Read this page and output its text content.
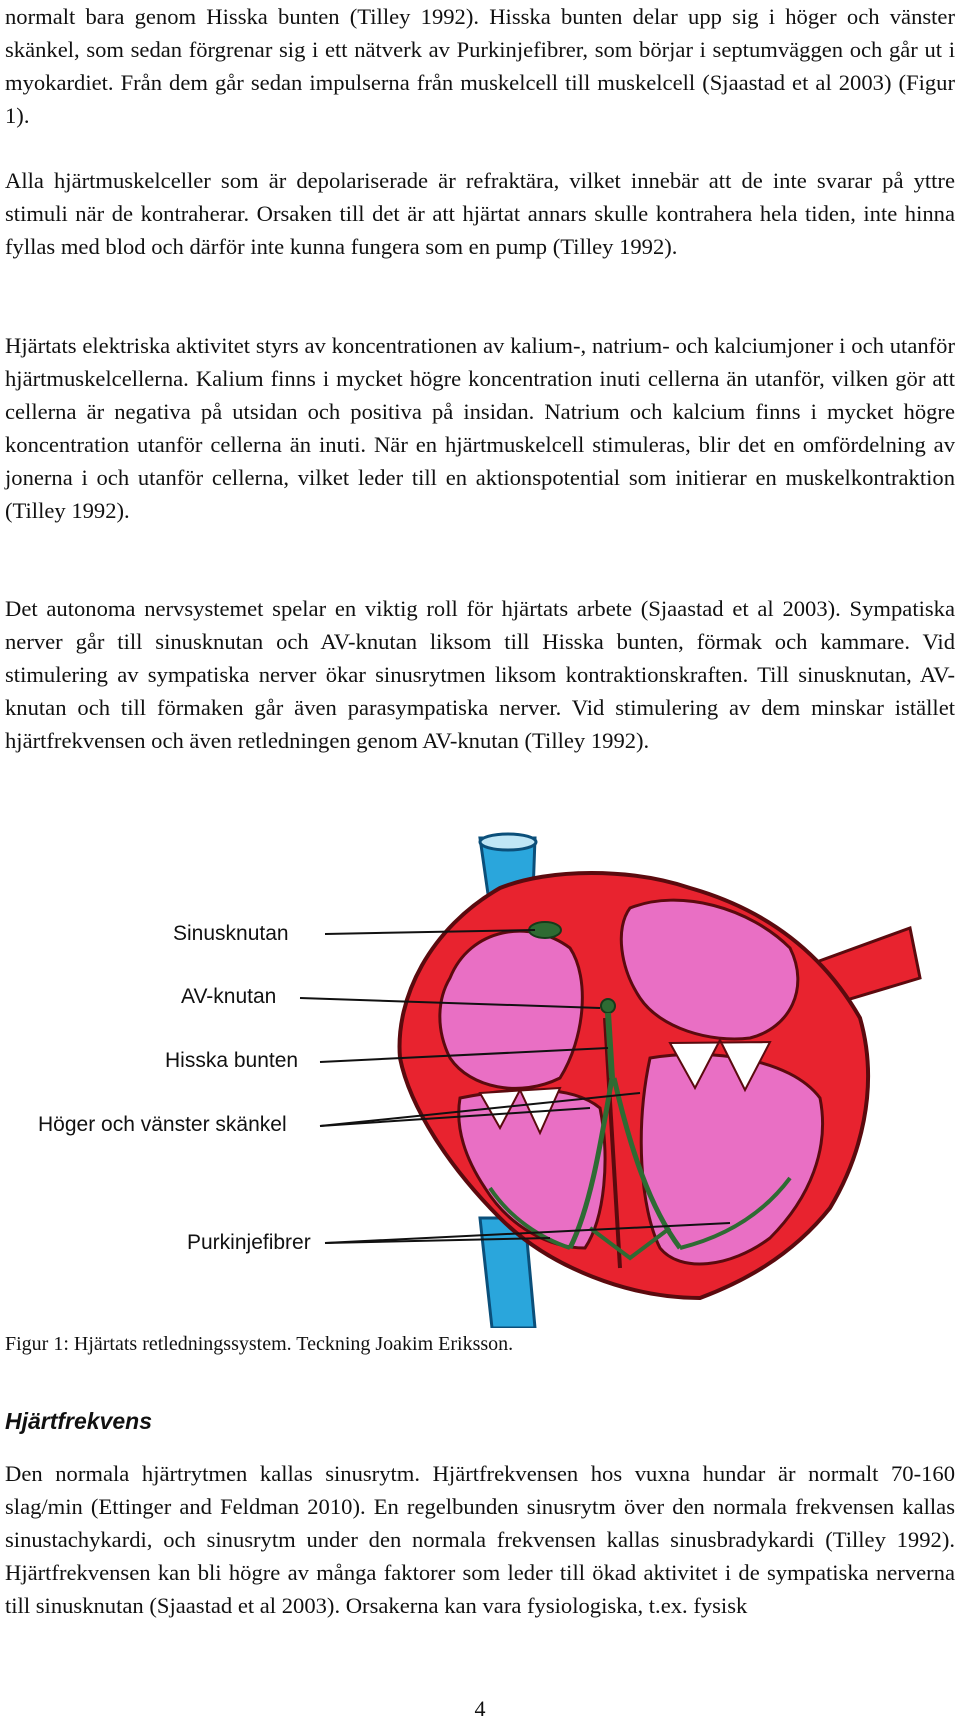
normalt bara genom Hisska bunten (Tilley 1992). Hisska bunten delar upp sig i höger och vänster skänkel, som sedan förgrenar sig i ett nätverk av Purkinjefibrer, som börjar i septumväggen och går ut i myokardiet. Från dem går sedan impulserna från muskelcell till muskelcell (Sjaastad et al 2003) (Figur 1).

Alla hjärtmuskelceller som är depolariserade är refraktära, vilket innebär att de inte svarar på yttre stimuli när de kontraherar. Orsaken till det är att hjärtat annars skulle kontrahera hela tiden, inte hinna fyllas med blod och därför inte kunna fungera som en pump (Tilley 1992).

Hjärtats elektriska aktivitet styrs av koncentrationen av kalium-, natrium- och kalciumjoner i och utanför hjärtmuskelcellerna. Kalium finns i mycket högre koncentration inuti cellerna än utanför, vilken gör att cellerna är negativa på utsidan och positiva på insidan. Natrium och kalcium finns i mycket högre koncentration utanför cellerna än inuti. När en hjärtmuskelcell stimuleras, blir det en omfördelning av jonerna i och utanför cellerna, vilket leder till en aktionspotential som initierar en muskelkontraktion (Tilley 1992).

Det autonoma nervsystemet spelar en viktig roll för hjärtats arbete (Sjaastad et al 2003). Sympatiska nerver går till sinusknutan och AV-knutan liksom till Hisska bunten, förmak och kammare. Vid stimulering av sympatiska nerver ökar sinusrytmen liksom kontraktionskraften. Till sinusknutan, AV-knutan och till förmaken går även parasympatiska nerver. Vid stimulering av dem minskar istället hjärtfrekvensen och även retledningen genom AV-knutan (Tilley 1992).

Sinusknutan
AV-knutan
Hisska bunten
Höger och vänster skänkel
Purkinjefibrer

Figur 1: Hjärtats retledningssystem. Teckning Joakim Eriksson.

Hjärtfrekvens

Den normala hjärtrytmen kallas sinusrytm. Hjärtfrekvensen hos vuxna hundar är normalt 70-160 slag/min (Ettinger and Feldman 2010). En regelbunden sinusrytm över den normala frekvensen kallas sinustachykardi, och sinusrytm under den normala frekvensen kallas sinusbradykardi (Tilley 1992). Hjärtfrekvensen kan bli högre av många faktorer som leder till ökad aktivitet i de sympatiska nerverna till sinusknutan (Sjaastad et al 2003). Orsakerna kan vara fysiologiska, t.ex. fysisk

4
